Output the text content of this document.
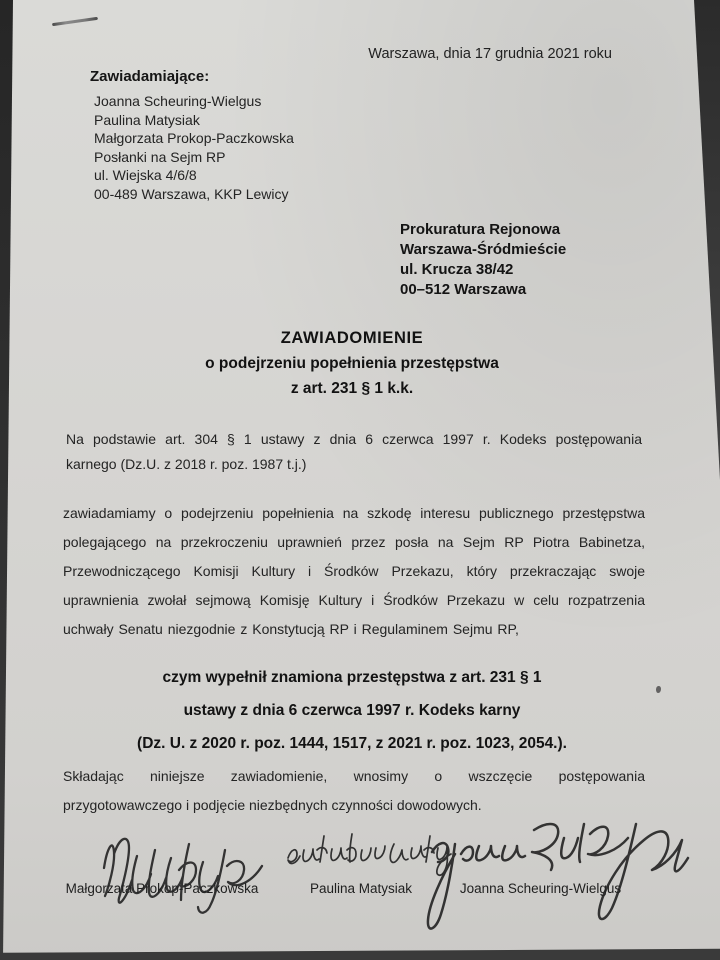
Warszawa, dnia 17 grudnia 2021 roku
Zawiadamiające:
Joanna Scheuring-Wielgus
Paulina Matysiak
Małgorzata Prokop-Paczkowska
Posłanki na Sejm RP
ul. Wiejska 4/6/8
00-489 Warszawa, KKP Lewicy
Prokuratura Rejonowa
Warszawa-Śródmieście
ul. Krucza 38/42
00–512 Warszawa
ZAWIADOMIENIE
o podejrzeniu popełnienia przestępstwa
z art. 231 § 1 k.k.
Na podstawie art. 304 § 1 ustawy z dnia 6 czerwca 1997 r. Kodeks postępowania
karnego (Dz.U. z 2018 r. poz. 1987 t.j.)
zawiadamiamy o podejrzeniu popełnienia na szkodę interesu publicznego przestępstwa
polegającego na przekroczeniu uprawnień przez posła na Sejm RP Piotra Babinetza,
Przewodniczącego Komisji Kultury i Środków Przekazu, który przekraczając swoje
uprawnienia zwołał sejmową Komisję Kultury i Środków Przekazu w celu rozpatrzenia
uchwały Senatu niezgodnie z Konstytucją RP i Regulaminem Sejmu RP,
czym wypełnił znamiona przestępstwa z art. 231 § 1
ustawy z dnia 6 czerwca 1997 r. Kodeks karny
(Dz. U. z 2020 r. poz. 1444, 1517, z 2021 r. poz. 1023, 2054.).
Składając niniejsze zawiadomienie, wnosimy o wszczęcie postępowania
przygotowawczego i podjęcie niezbędnych czynności dowodowych.
Małgorzata Prokop-Paczkowska	Paulina Matysiak	Joanna Scheuring-Wielgus
